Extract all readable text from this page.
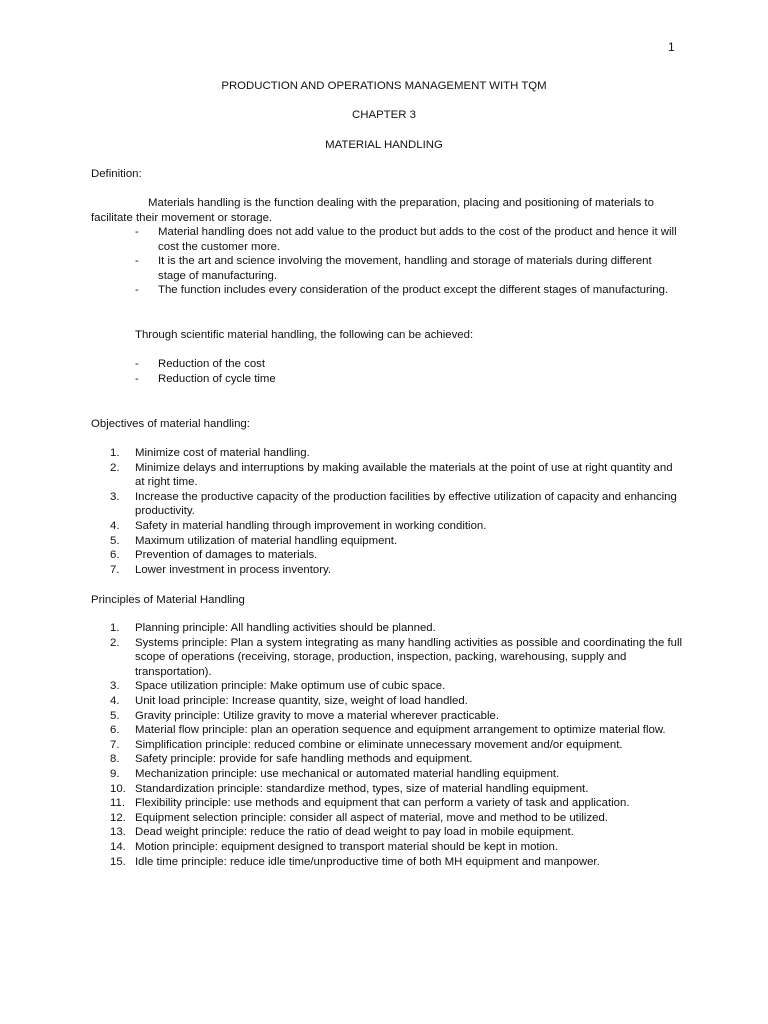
1
PRODUCTION AND OPERATIONS MANAGEMENT WITH TQM
CHAPTER 3
MATERIAL HANDLING
Definition:
Materials handling is the function dealing with the preparation, placing and positioning of materials to facilitate their movement or storage.
- Material handling does not add value to the product but adds to the cost of the product and hence it will cost the customer more.
- It is the art and science involving the movement, handling and storage of materials during different stage of manufacturing.
- The function includes every consideration of the product except the different stages of manufacturing.
Through scientific material handling, the following can be achieved:
- Reduction of the cost
- Reduction of cycle time
Objectives of material handling:
1.	Minimize cost of material handling.
2.	Minimize delays and interruptions by making available the materials at the point of use at right quantity and at right time.
3.	Increase the productive capacity of the production facilities by effective utilization of capacity and enhancing productivity.
4.	Safety in material handling through improvement in working condition.
5.	Maximum utilization of material handling equipment.
6.	Prevention of damages to materials.
7.	Lower investment in process inventory.
Principles of Material Handling
1.	Planning principle: All handling activities should be planned.
2.	Systems principle: Plan a system integrating as many handling activities as possible and coordinating the full scope of operations (receiving, storage, production, inspection, packing, warehousing, supply and transportation).
3.	Space utilization principle: Make optimum use of cubic space.
4.	Unit load principle: Increase quantity, size, weight of load handled.
5.	Gravity principle: Utilize gravity to move a material wherever practicable.
6.	Material flow principle: plan an operation sequence and equipment arrangement to optimize material flow.
7.	Simplification principle: reduced combine or eliminate unnecessary movement and/or equipment.
8.	Safety principle: provide for safe handling methods and equipment.
9.	Mechanization principle: use mechanical or automated material handling equipment.
10. Standardization principle: standardize method, types, size of material handling equipment.
11. Flexibility principle: use methods and equipment that can perform a variety of task and application.
12. Equipment selection principle: consider all aspect of material, move and method to be utilized.
13. Dead weight principle: reduce the ratio of dead weight to pay load in mobile equipment.
14. Motion principle: equipment designed to transport material should be kept in motion.
15. Idle time principle: reduce idle time/unproductive time of both MH equipment and manpower.
